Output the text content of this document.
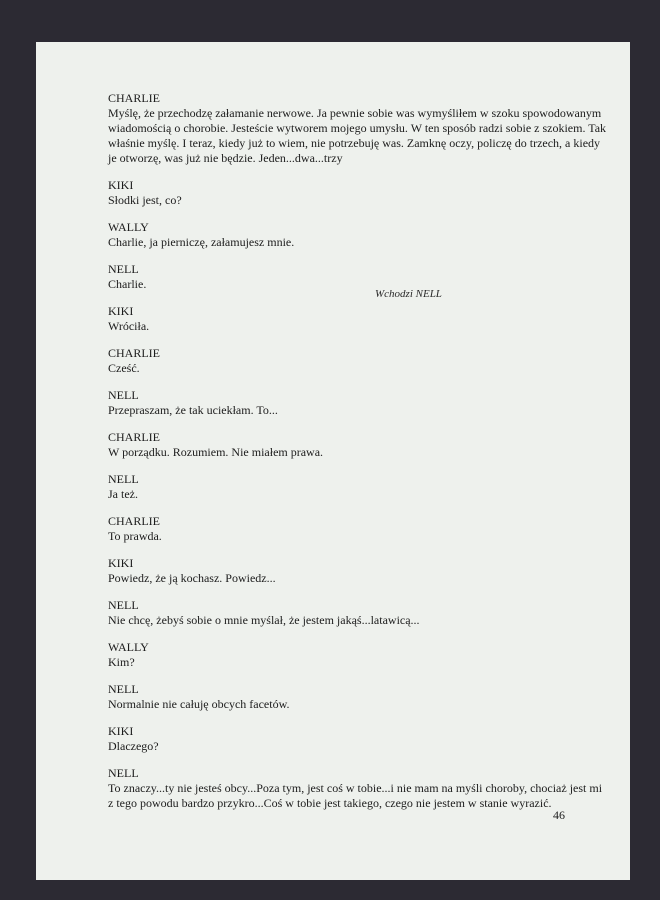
CHARLIE
Myślę, że przechodzę załamanie nerwowe. Ja pewnie sobie was wymyśliłem w szoku spowodowanym wiadomością o chorobie. Jesteście wytworem mojego umysłu. W ten sposób radzi sobie z szokiem. Tak właśnie myślę. I teraz, kiedy już to wiem, nie potrzebuję was. Zamknę oczy, policzę do trzech, a kiedy je otworzę, was już nie będzie. Jeden...dwa...trzy
KIKI
Słodki jest, co?
WALLY
Charlie, ja pierniczę, załamujesz mnie.
NELL
Charlie.
KIKI
Wróciła.
CHARLIE
Cześć.
NELL
Przepraszam, że tak uciekłam. To...
CHARLIE
W porządku. Rozumiem. Nie miałem prawa.
NELL
Ja też.
CHARLIE
To prawda.
KIKI
Powiedz, że ją kochasz. Powiedz...
NELL
Nie chcę, żebyś sobie o mnie myślał, że jestem jakąś...latawicą...
WALLY
Kim?
NELL
Normalnie nie całuję obcych facetów.
KIKI
Dlaczego?
NELL
To znaczy...ty nie jesteś obcy...Poza tym, jest coś w tobie...i nie mam na myśli choroby, chociaż jest mi z tego powodu bardzo przykro...Coś w tobie jest takiego, czego nie jestem w stanie wyrazić.
Wchodzi NELL
46
